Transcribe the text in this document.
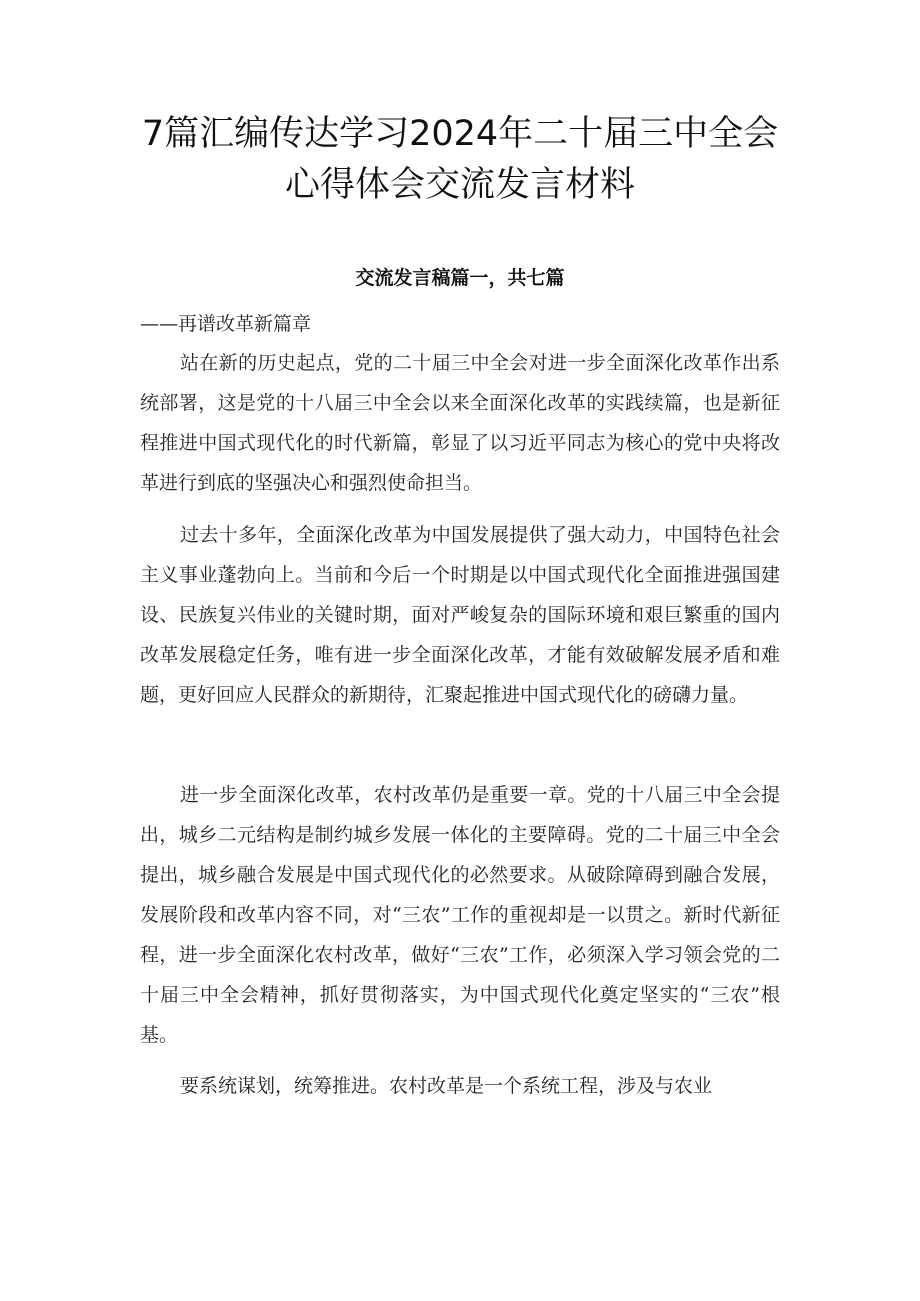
7篇汇编传达学习2024年二十届三中全会
心得体会交流发言材料
交流发言稿篇一，共七篇
——再谱改革新篇章

站在新的历史起点，党的二十届三中全会对进一步全面深化改革作出系统部署，这是党的十八届三中全会以来全面深化改革的实践续篇，也是新征程推进中国式现代化的时代新篇，彰显了以习近平同志为核心的党中央将改革进行到底的坚强决心和强烈使命担当。

过去十多年，全面深化改革为中国发展提供了强大动力，中国特色社会主义事业蓬勃向上。当前和今后一个时期是以中国式现代化全面推进强国建设、民族复兴伟业的关键时期，面对严峻复杂的国际环境和艰巨繁重的国内改革发展稳定任务，唯有进一步全面深化改革，才能有效破解发展矛盾和难题，更好回应人民群众的新期待，汇聚起推进中国式现代化的磅礴力量。

进一步全面深化改革，农村改革仍是重要一章。党的十八届三中全会提出，城乡二元结构是制约城乡发展一体化的主要障碍。党的二十届三中全会提出，城乡融合发展是中国式现代化的必然要求。从破除障碍到融合发展，发展阶段和改革内容不同，对“三农”工作的重视却是一以贯之。新时代新征程，进一步全面深化农村改革，做好“三农”工作，必须深入学习领会党的二十届三中全会精神，抓好贯彻落实，为中国式现代化奠定坚实的“三农”根基。

要系统谋划，统筹推进。农村改革是一个系统工程，涉及与农业
